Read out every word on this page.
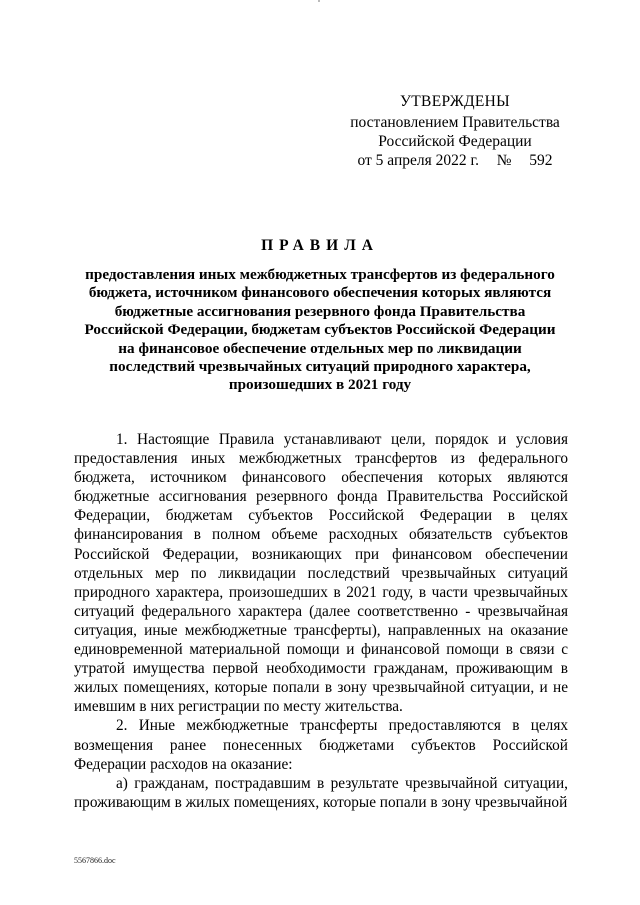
УТВЕРЖДЕНЫ
постановлением Правительства
Российской Федерации
от 5 апреля 2022 г. № 592
ПРАВИЛА
предоставления иных межбюджетных трансфертов из федерального бюджета, источником финансового обеспечения которых являются бюджетные ассигнования резервного фонда Правительства Российской Федерации, бюджетам субъектов Российской Федерации на финансовое обеспечение отдельных мер по ликвидации последствий чрезвычайных ситуаций природного характера, произошедших в 2021 году

1. Настоящие Правила устанавливают цели, порядок и условия предоставления иных межбюджетных трансфертов из федерального бюджета, источником финансового обеспечения которых являются бюджетные ассигнования резервного фонда Правительства Российской Федерации, бюджетам субъектов Российской Федерации в целях финансирования в полном объеме расходных обязательств субъектов Российской Федерации, возникающих при финансовом обеспечении отдельных мер по ликвидации последствий чрезвычайных ситуаций природного характера, произошедших в 2021 году, в части чрезвычайных ситуаций федерального характера (далее соответственно - чрезвычайная ситуация, иные межбюджетные трансферты), направленных на оказание единовременной материальной помощи и финансовой помощи в связи с утратой имущества первой необходимости гражданам, проживающим в жилых помещениях, которые попали в зону чрезвычайной ситуации, и не имевшим в них регистрации по месту жительства.

2. Иные межбюджетные трансферты предоставляются в целях возмещения ранее понесенных бюджетами субъектов Российской Федерации расходов на оказание:

а) гражданам, пострадавшим в результате чрезвычайной ситуации, проживающим в жилых помещениях, которые попали в зону чрезвычайной

5567866.doc
